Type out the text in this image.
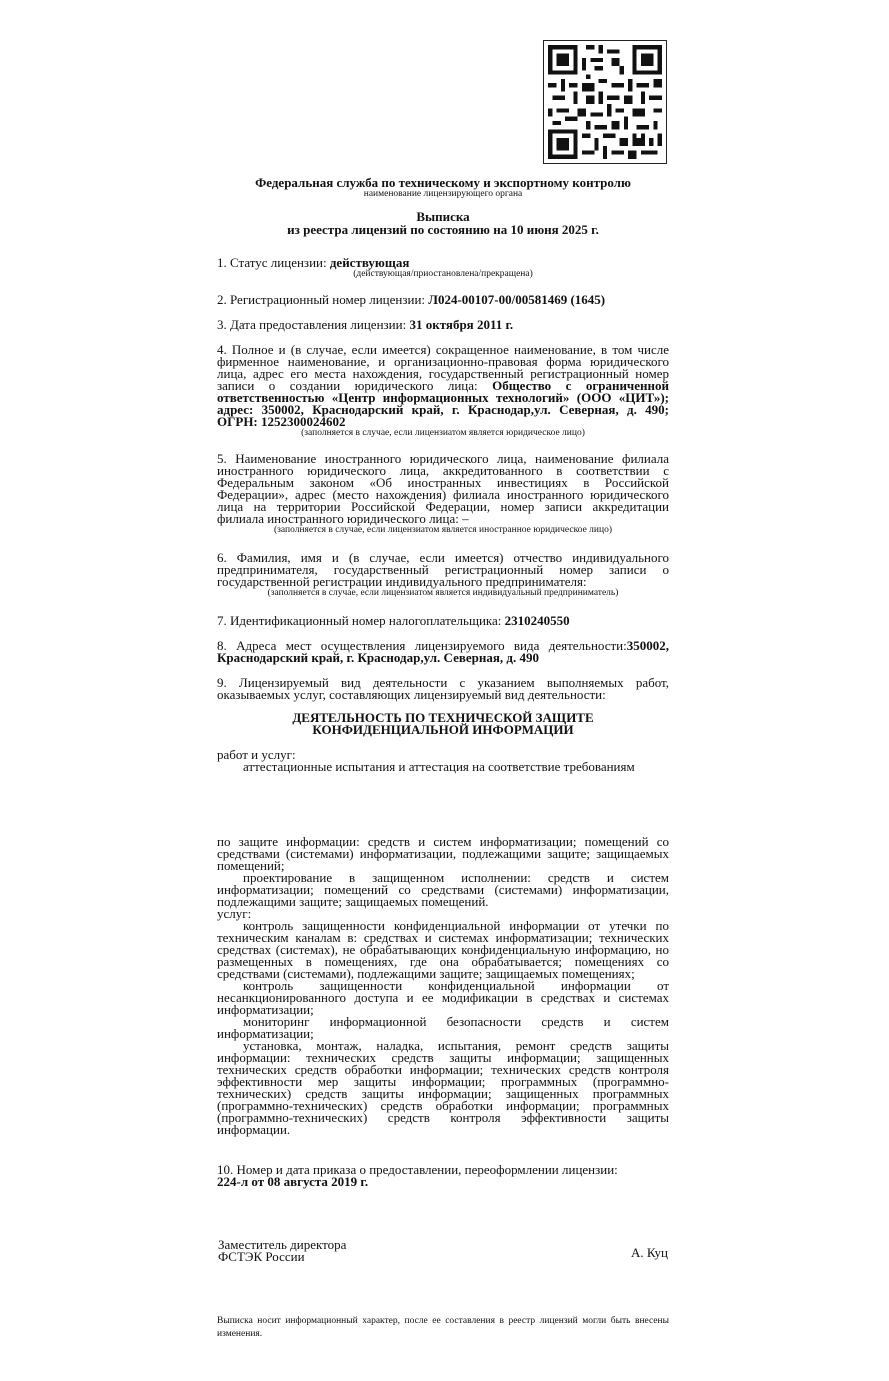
Федеральная служба по техническому и экспортному контролю
наименование лицензирующего органа
Выписка
из реестра лицензий по состоянию на 10 июня 2025 г.
1. Статус лицензии: действующая
(действующая/приостановлена/прекращена)
2. Регистрационный номер лицензии: Л024-00107-00/00581469 (1645)
3. Дата предоставления лицензии: 31 октября 2011 г.
4. Полное и (в случае, если имеется) сокращенное наименование, в том числе фирменное наименование, и организационно-правовая форма юридического лица, адрес его места нахождения, государственный регистрационный номер записи о создании юридического лица: Общество с ограниченной ответственностью «Центр информационных технологий» (ООО «ЦИТ»); адрес: 350002, Краснодарский край, г. Краснодар,ул. Северная, д. 490; ОГРН: 1252300024602
(заполняется в случае, если лицензиатом является юридическое лицо)
5. Наименование иностранного юридического лица, наименование филиала иностранного юридического лица, аккредитованного в соответствии с Федеральным законом «Об иностранных инвестициях в Российской Федерации», адрес (место нахождения) филиала иностранного юридического лица на территории Российской Федерации, номер записи аккредитации филиала иностранного юридического лица: –
(заполняется в случае, если лицензиатом является иностранное юридическое лицо)
6. Фамилия, имя и (в случае, если имеется) отчество индивидуального предпринимателя, государственный регистрационный номер записи о государственной регистрации индивидуального предпринимателя:
(заполняется в случае, если лицензиатом является индивидуальный предприниматель)
7. Идентификационный номер налогоплательщика: 2310240550
8. Адреса мест осуществления лицензируемого вида деятельности:350002, Краснодарский край, г. Краснодар,ул. Северная, д. 490
9. Лицензируемый вид деятельности с указанием выполняемых работ, оказываемых услуг, составляющих лицензируемый вид деятельности:
ДЕЯТЕЛЬНОСТЬ ПО ТЕХНИЧЕСКОЙ ЗАЩИТЕ
КОНФИДЕНЦИАЛЬНОЙ ИНФОРМАЦИИ
работ и услуг:
аттестационные испытания и аттестация на соответствие требованиям
по защите информации: средств и систем информатизации; помещений со средствами (системами) информатизации, подлежащими защите; защищаемых помещений;
проектирование в защищенном исполнении: средств и систем информатизации; помещений со средствами (системами) информатизации, подлежащими защите; защищаемых помещений.
услуг:
контроль защищенности конфиденциальной информации от утечки по техническим каналам в: средствах и системах информатизации; технических средствах (системах), не обрабатывающих конфиденциальную информацию, но размещенных в помещениях, где она обрабатывается; помещениях со средствами (системами), подлежащими защите; защищаемых помещениях;
контроль защищенности конфиденциальной информации от несанкционированного доступа и ее модификации в средствах и системах информатизации;
мониторинг информационной безопасности средств и систем информатизации;
установка, монтаж, наладка, испытания, ремонт средств защиты информации: технических средств защиты информации; защищенных технических средств обработки информации; технических средств контроля эффективности мер защиты информации; программных (программно-технических) средств защиты информации; защищенных программных (программно-технических) средств обработки информации; программных (программно-технических) средств контроля эффективности защиты информации.
10. Номер и дата приказа о предоставлении, переоформлении лицензии:
224-л от 08 августа 2019 г.
Заместитель директора
ФСТЭК России	А. Куц
Выписка носит информационный характер, после ее составления в реестр лицензий могли быть внесены изменения.
